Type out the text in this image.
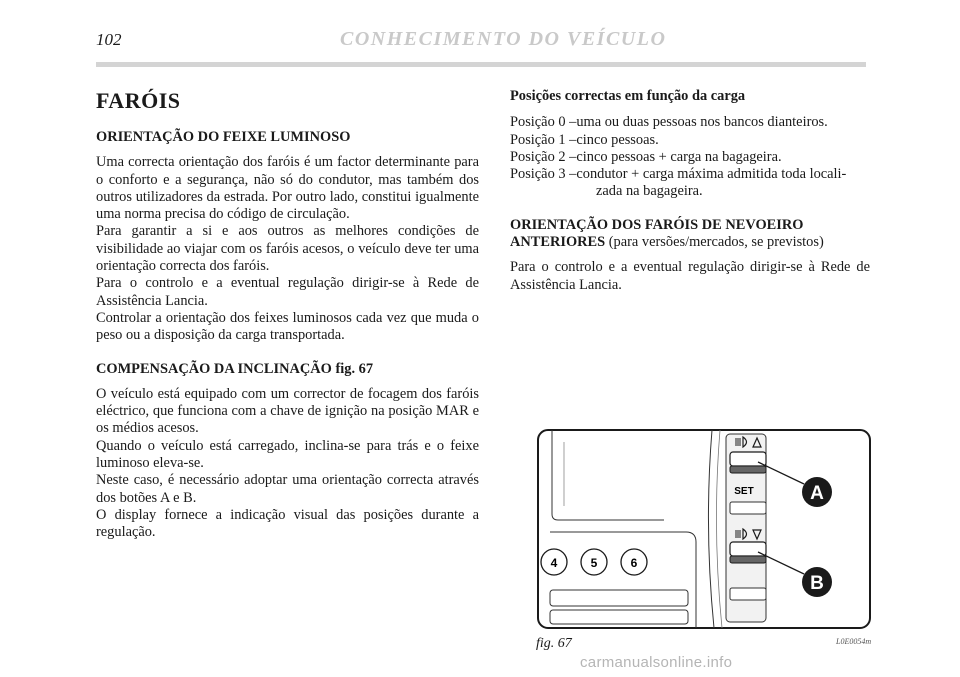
102	CONHECIMENTO DO VEÍCULO
FARÓIS
ORIENTAÇÃO DO FEIXE LUMINOSO

Uma correcta orientação dos faróis é um factor determinante para o conforto e a segurança, não só do condutor, mas também dos outros utilizadores da estrada. Por outro lado, constitui igualmente uma norma precisa do código de circulação.

Para garantir a si e aos outros as melhores condições de visibilidade ao viajar com os faróis acesos, o veículo deve ter uma orientação correcta dos faróis.

Para o controlo e a eventual regulação dirigir-se à Rede de Assistência Lancia.

Controlar a orientação dos feixes luminosos cada vez que muda o peso ou a disposição da carga transportada.

COMPENSAÇÃO DA INCLINAÇÃO fig. 67

O veículo está equipado com um corrector de focagem dos faróis eléctrico, que funciona com a chave de ignição na posição MAR e os médios acesos.

Quando o veículo está carregado, inclina-se para trás e o feixe luminoso eleva-se.

Neste caso, é necessário adoptar uma orientação correcta através dos botões A e B.

O display fornece a indicação visual das posições durante a regulação.

Posições correctas em função da carga
Posição 0 – uma ou duas pessoas nos bancos dianteiros.
Posição 1 – cinco pessoas.
Posição 2 – cinco pessoas + carga na bagageira.
Posição 3 – condutor + carga máxima admitida toda locali-
zada na bagageira.
ORIENTAÇÃO DOS FARÓIS DE NEVOEIRO
ANTERIORES (para versões/mercados, se previstos)

Para o controlo e a eventual regulação dirigir-se à Rede de Assistência Lancia.

4	5	6
SET	A
B
fig. 67	L0E0054m
carmanualsonline.info
